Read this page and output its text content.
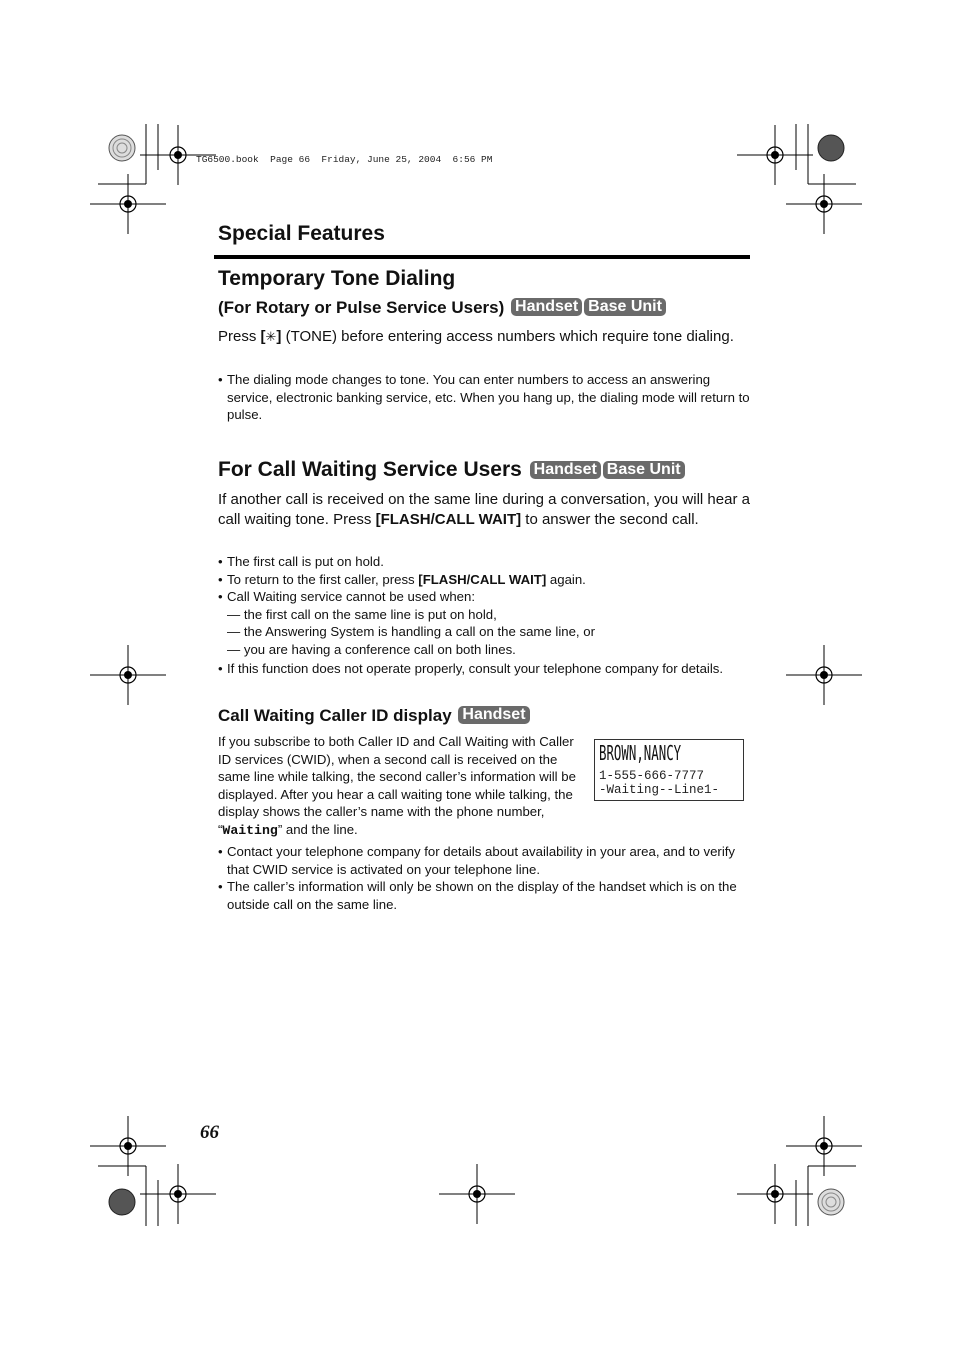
TG6500.book  Page 66  Friday, June 25, 2004  6:56 PM
Special Features
Temporary Tone Dialing
(For Rotary or Pulse Service Users) Handset Base Unit
Press [✳] (TONE) before entering access numbers which require tone dialing.
• The dialing mode changes to tone. You can enter numbers to access an answering service, electronic banking service, etc. When you hang up, the dialing mode will return to pulse.
For Call Waiting Service Users Handset Base Unit
If another call is received on the same line during a conversation, you will hear a call waiting tone. Press [FLASH/CALL WAIT] to answer the second call.
• The first call is put on hold.
• To return to the first caller, press [FLASH/CALL WAIT] again.
• Call Waiting service cannot be used when:
— the first call on the same line is put on hold,
— the Answering System is handling a call on the same line, or
— you are having a conference call on both lines.
• If this function does not operate properly, consult your telephone company for details.
Call Waiting Caller ID display Handset
If you subscribe to both Caller ID and Call Waiting with Caller ID services (CWID), when a second call is received on the same line while talking, the second caller’s information will be displayed. After you hear a call waiting tone while talking, the display shows the caller’s name with the phone number, “Waiting” and the line.
BROWN,NANCY
1-555-666-7777
-Waiting--Line1-
• Contact your telephone company for details about availability in your area, and to verify that CWID service is activated on your telephone line.
• The caller’s information will only be shown on the display of the handset which is on the outside call on the same line.
66
